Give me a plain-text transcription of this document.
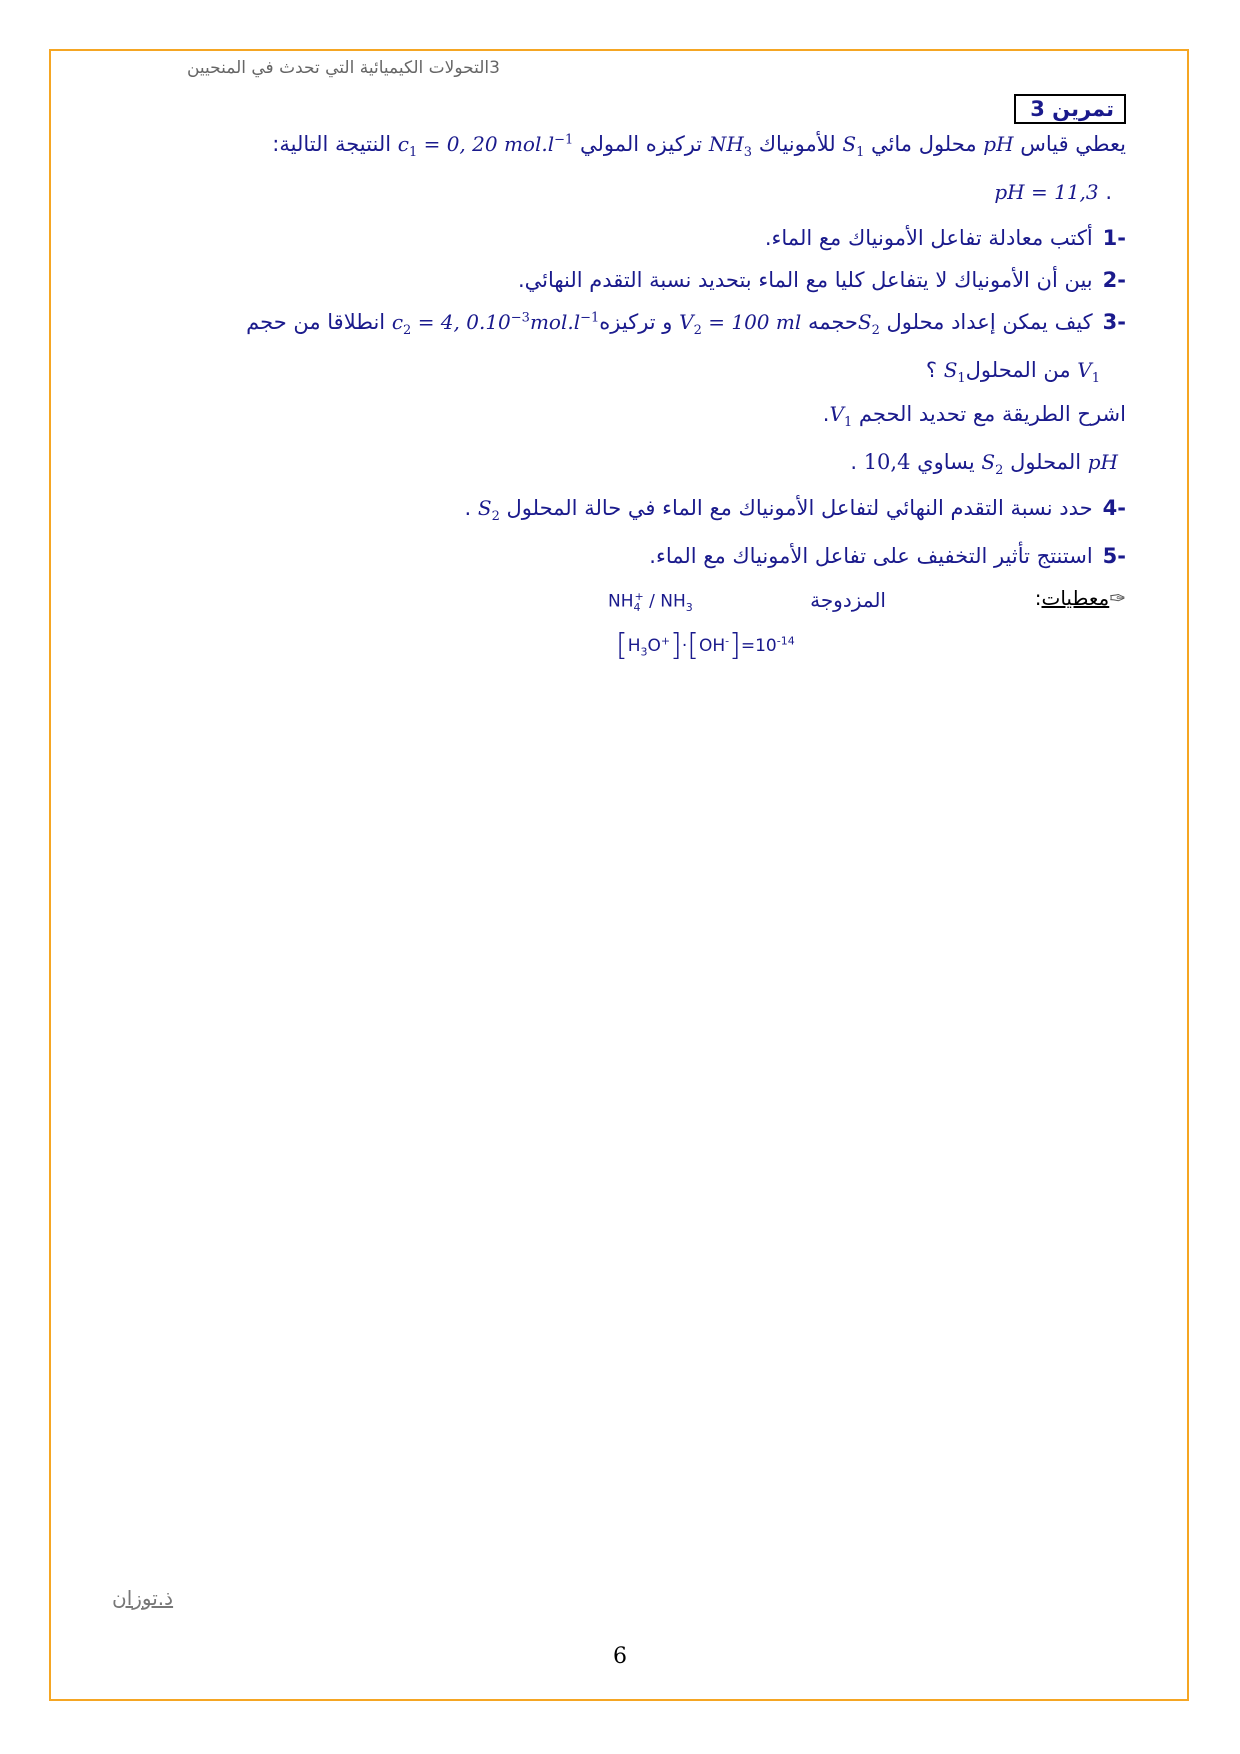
3التحولات الكيميائية التي تحدث في المنحيين
تمرين 3
يعطي قياس pH محلول مائي $S_1$ للأمونياك $NH_3$ تركيزه المولي $c_1 = 0$, 20 $mol.l^{-1}$ النتيجة التالية:
. pH = 11,3
-1أكتب معادلة تفاعل الأمونياك مع الماء.
-2بين أن الأمونياك لا يتفاعل كليا مع الماء بتحديد نسبة التقدم النهائي.
-3كيف يمكن إعداد محلول $S_2حجمه$ $V_2 = 100$ ml و تركيزهc$_2$ = 4, $0.10^{-3}mol.l^{-1}$ انطلاقا من حجم
$V_1$ من المحلولS$_1$ ؟
اشرح الطريقة مع تحديد الحجم $V_1$.
pH المحلول $S_2$ يساوي 10,4 .
-4حدد نسبة التقدم النهائي لتفاعل الأمونياك مع الماء في حالة المحلول $S_2$ .
-5استنتج تأثير التخفيف على تفاعل الأمونياك مع الماء.
✑معطيات:
المزدوجة
$NH_4^+ / NH_3$
$[H_3O^+]\cdot[OH^-]=10^{-14}$
ذ.توزان
6
